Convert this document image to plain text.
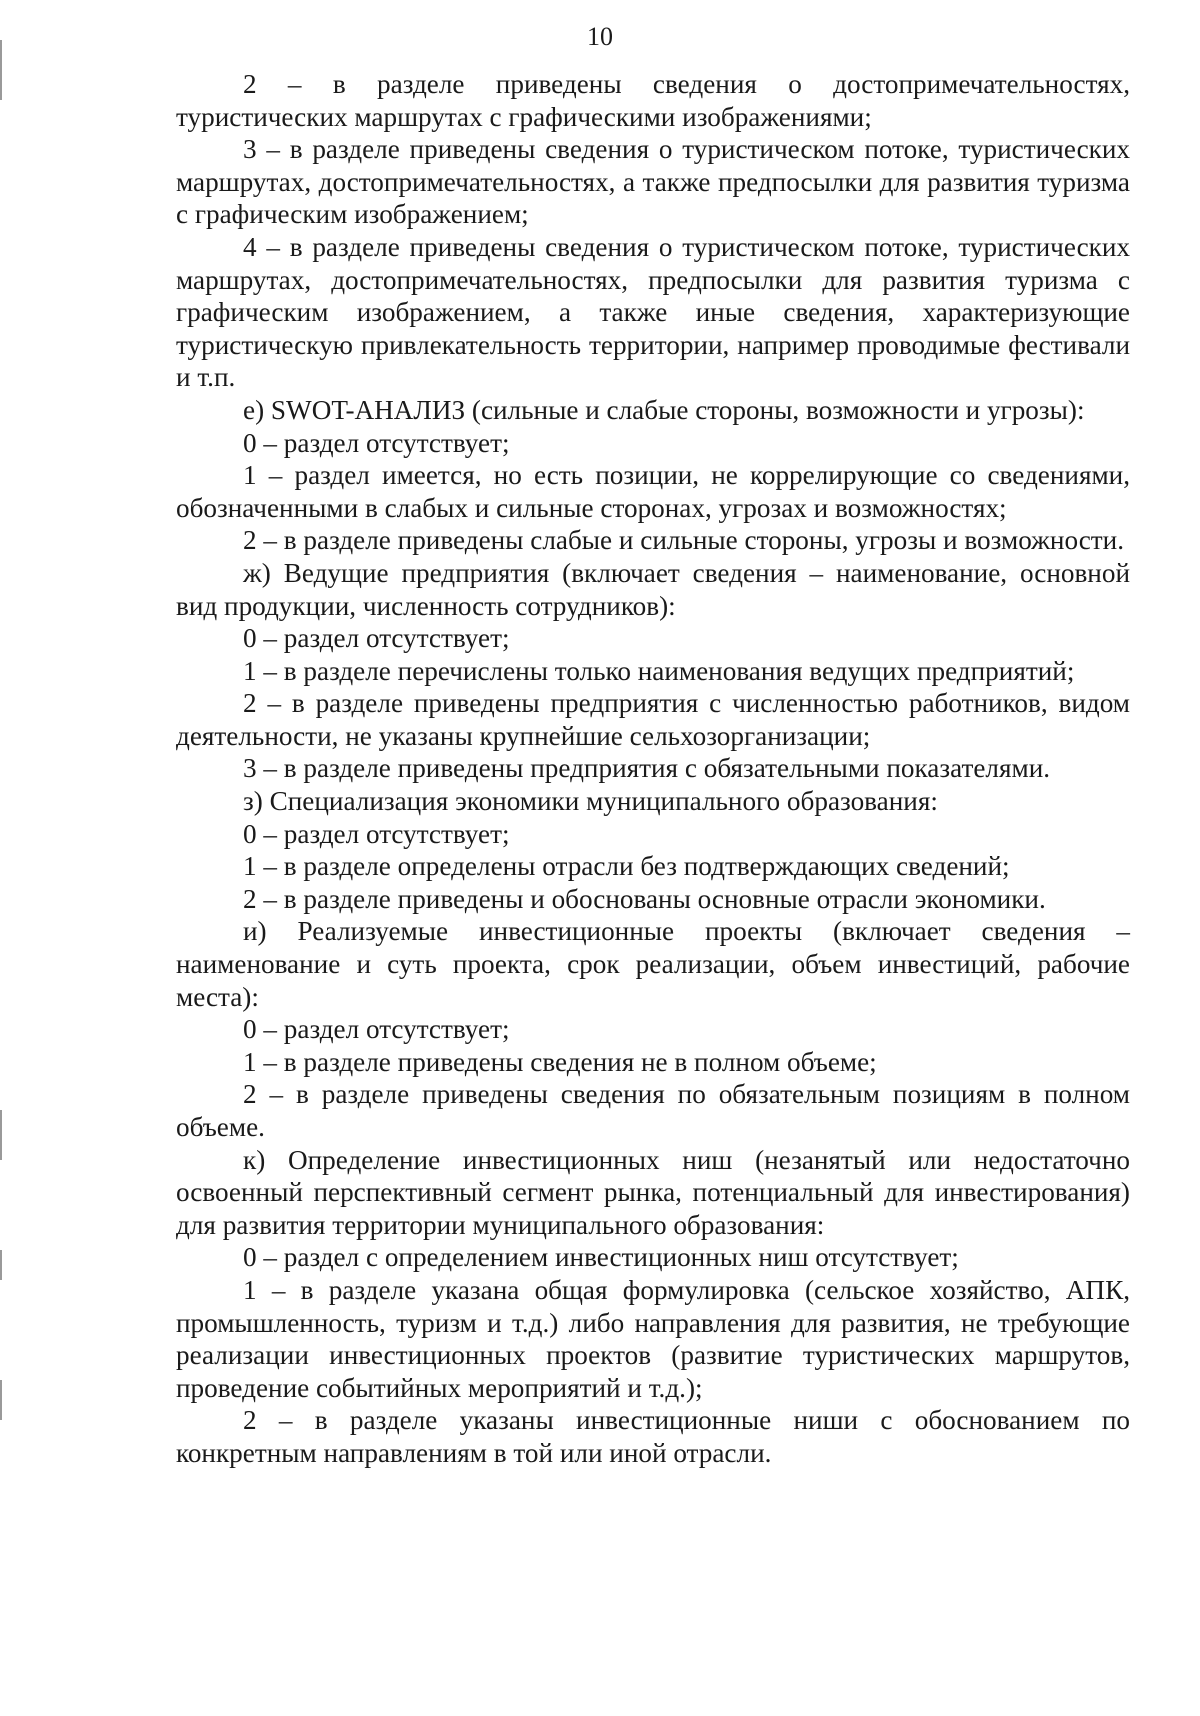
10

2 – в разделе приведены сведения о достопримечательностях, туристических маршрутах с графическими изображениями;

3 – в разделе приведены сведения о туристическом потоке, туристических маршрутах, достопримечательностях, а также предпосылки для развития туризма с графическим изображением;

4 – в разделе приведены сведения о туристическом потоке, туристических маршрутах, достопримечательностях, предпосылки для развития туризма с графическим изображением, а также иные сведения, характеризующие туристическую привлекательность территории, например проводимые фестивали и т.п.

е) SWOT-АНАЛИЗ (сильные и слабые стороны, возможности и угрозы):

0 – раздел отсутствует;

1 – раздел имеется, но есть позиции, не коррелирующие со сведениями, обозначенными в слабых и сильные сторонах, угрозах и возможностях;

2 – в разделе приведены слабые и сильные стороны, угрозы и возможности.

ж) Ведущие предприятия (включает сведения – наименование, основной вид продукции, численность сотрудников):

0 – раздел отсутствует;

1 – в разделе перечислены только наименования ведущих предприятий;

2 – в разделе приведены предприятия с численностью работников, видом деятельности, не указаны крупнейшие сельхозорганизации;

3 – в разделе приведены предприятия с обязательными показателями.

з) Специализация экономики муниципального образования:

0 – раздел отсутствует;

1 – в разделе определены отрасли без подтверждающих сведений;

2 – в разделе приведены и обоснованы основные отрасли экономики.

и) Реализуемые инвестиционные проекты (включает сведения – наименование и суть проекта, срок реализации, объем инвестиций, рабочие места):

0 – раздел отсутствует;

1 – в разделе приведены сведения не в полном объеме;

2 – в разделе приведены сведения по обязательным позициям в полном объеме.

к) Определение инвестиционных ниш (незанятый или недостаточно освоенный перспективный сегмент рынка, потенциальный для инвестирования) для развития территории муниципального образования:

0 – раздел с определением инвестиционных ниш отсутствует;

1 – в разделе указана общая формулировка (сельское хозяйство, АПК, промышленность, туризм и т.д.) либо направления для развития, не требующие реализации инвестиционных проектов (развитие туристических маршрутов, проведение событийных мероприятий и т.д.);

2 – в разделе указаны инвестиционные ниши с обоснованием по конкретным направлениям в той или иной отрасли.
